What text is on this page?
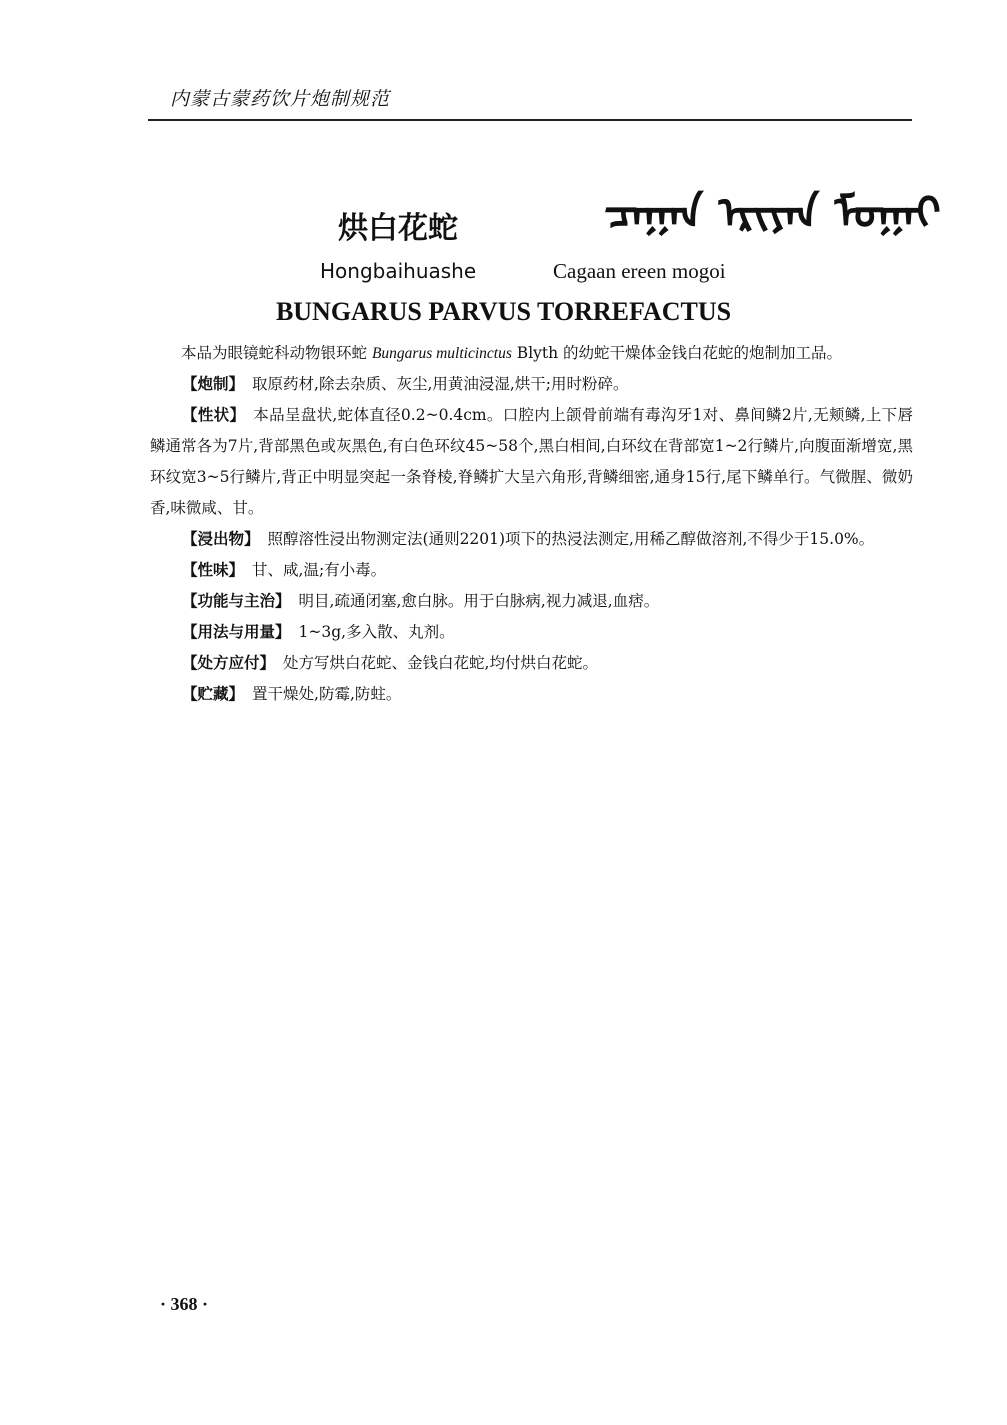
内蒙古蒙药饮片炮制规范
烘白花蛇	ᠴᠠᠭᠠᠨ ᠡᠷᠢᠶᠡᠨ ᠮᠣᠭᠠᠢ
Hongbaihuashe	Cagaan ereen mogoi
BUNGARUS PARVUS TORREFACTUS

本品为眼镜蛇科动物银环蛇 Bungarus multicinctus Blyth 的幼蛇干燥体金钱白花蛇的炮制加工品。

【炮制】 取原药材,除去杂质、灰尘,用黄油浸湿,烘干;用时粉碎。

【性状】 本品呈盘状,蛇体直径0.2~0.4cm。口腔内上颌骨前端有毒沟牙1对、鼻间鳞2片,无颊鳞,上下唇鳞通常各为7片,背部黑色或灰黑色,有白色环纹45~58个,黑白相间,白环纹在背部宽1~2行鳞片,向腹面渐增宽,黑环纹宽3~5行鳞片,背正中明显突起一条脊棱,脊鳞扩大呈六角形,背鳞细密,通身15行,尾下鳞单行。气微腥、微奶香,味微咸、甘。

【浸出物】 照醇溶性浸出物测定法(通则2201)项下的热浸法测定,用稀乙醇做溶剂,不得少于15.0%。

【性味】 甘、咸,温;有小毒。

【功能与主治】 明目,疏通闭塞,愈白脉。用于白脉病,视力减退,血痞。

【用法与用量】 1~3g,多入散、丸剂。

【处方应付】 处方写烘白花蛇、金钱白花蛇,均付烘白花蛇。

【贮藏】 置干燥处,防霉,防蛀。

· 368 ·
